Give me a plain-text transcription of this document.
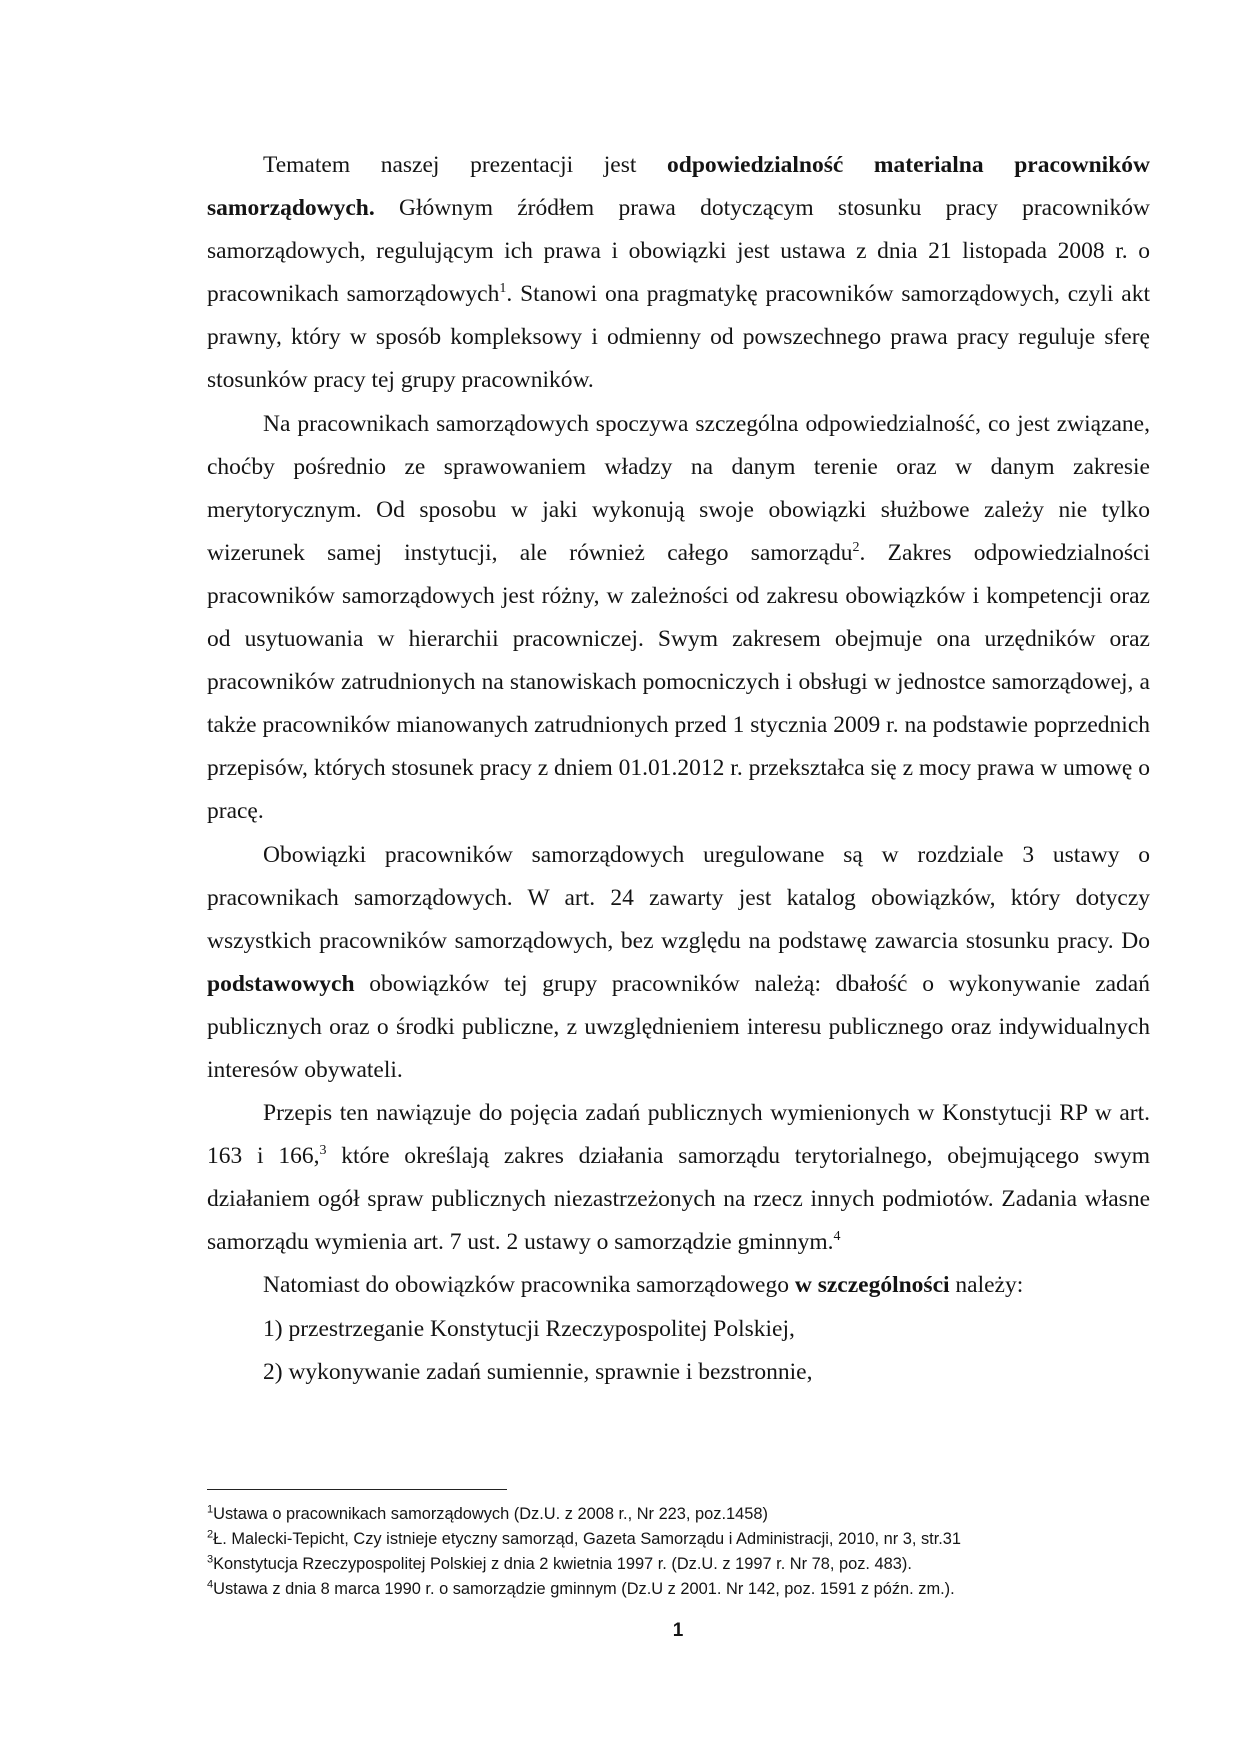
Tematem naszej prezentacji jest odpowiedzialność materialna pracowników samorządowych. Głównym źródłem prawa dotyczącym stosunku pracy pracowników samorządowych, regulującym ich prawa i obowiązki jest ustawa z dnia 21 listopada 2008 r. o pracownikach samorządowych$^1$. Stanowi ona pragmatykę pracowników samorządowych, czyli akt prawny, który w sposób kompleksowy i odmienny od powszechnego prawa pracy reguluje sferę stosunków pracy tej grupy pracowników.

Na pracownikach samorządowych spoczywa szczególna odpowiedzialność, co jest związane, choćby pośrednio ze sprawowaniem władzy na danym terenie oraz w danym zakresie merytorycznym. Od sposobu w jaki wykonują swoje obowiązki służbowe zależy nie tylko wizerunek samej instytucji, ale również całego samorządu$^2$. Zakres odpowiedzialności pracowników samorządowych jest różny, w zależności od zakresu obowiązków i kompetencji oraz od usytuowania w hierarchii pracowniczej. Swym zakresem obejmuje ona urzędników oraz pracowników zatrudnionych na stanowiskach pomocniczych i obsługi w jednostce samorządowej, a także pracowników mianowanych zatrudnionych przed 1 stycznia 2009 r. na podstawie poprzednich przepisów, których stosunek pracy z dniem 01.01.2012 r. przekształca się z mocy prawa w umowę o pracę.

Obowiązki pracowników samorządowych uregulowane są w rozdziale 3 ustawy o pracownikach samorządowych. W art. 24 zawarty jest katalog obowiązków, który dotyczy wszystkich pracowników samorządowych, bez względu na podstawę zawarcia stosunku pracy. Do podstawowych obowiązków tej grupy pracowników należą: dbałość o wykonywanie zadań publicznych oraz o środki publiczne, z uwzględnieniem interesu publicznego oraz indywidualnych interesów obywateli.

Przepis ten nawiązuje do pojęcia zadań publicznych wymienionych w Konstytucji RP w art. 163 i 166,$^3$ które określają zakres działania samorządu terytorialnego, obejmującego swym działaniem ogół spraw publicznych niezastrzeżonych na rzecz innych podmiotów. Zadania własne samorządu wymienia art. 7 ust. 2 ustawy o samorządzie gminnym.$^4$

Natomiast do obowiązków pracownika samorządowego w szczególności należy:

1) przestrzeganie Konstytucji Rzeczypospolitej Polskiej,

2) wykonywanie zadań sumiennie, sprawnie i bezstronnie,

$^1$Ustawa o pracownikach samorządowych (Dz.U. z 2008 r., Nr 223, poz.1458)

$^2$Ł. Malecki-Tepicht, Czy istnieje etyczny samorząd, Gazeta Samorządu i Administracji, 2010, nr 3, str.31

$^3$Konstytucja Rzeczypospolitej Polskiej z dnia 2 kwietnia 1997 r. (Dz.U. z 1997 r. Nr 78, poz. 483).

$^4$Ustawa z dnia 8 marca 1990 r. o samorządzie gminnym (Dz.U z 2001. Nr 142, poz. 1591 z późn. zm.).

1
